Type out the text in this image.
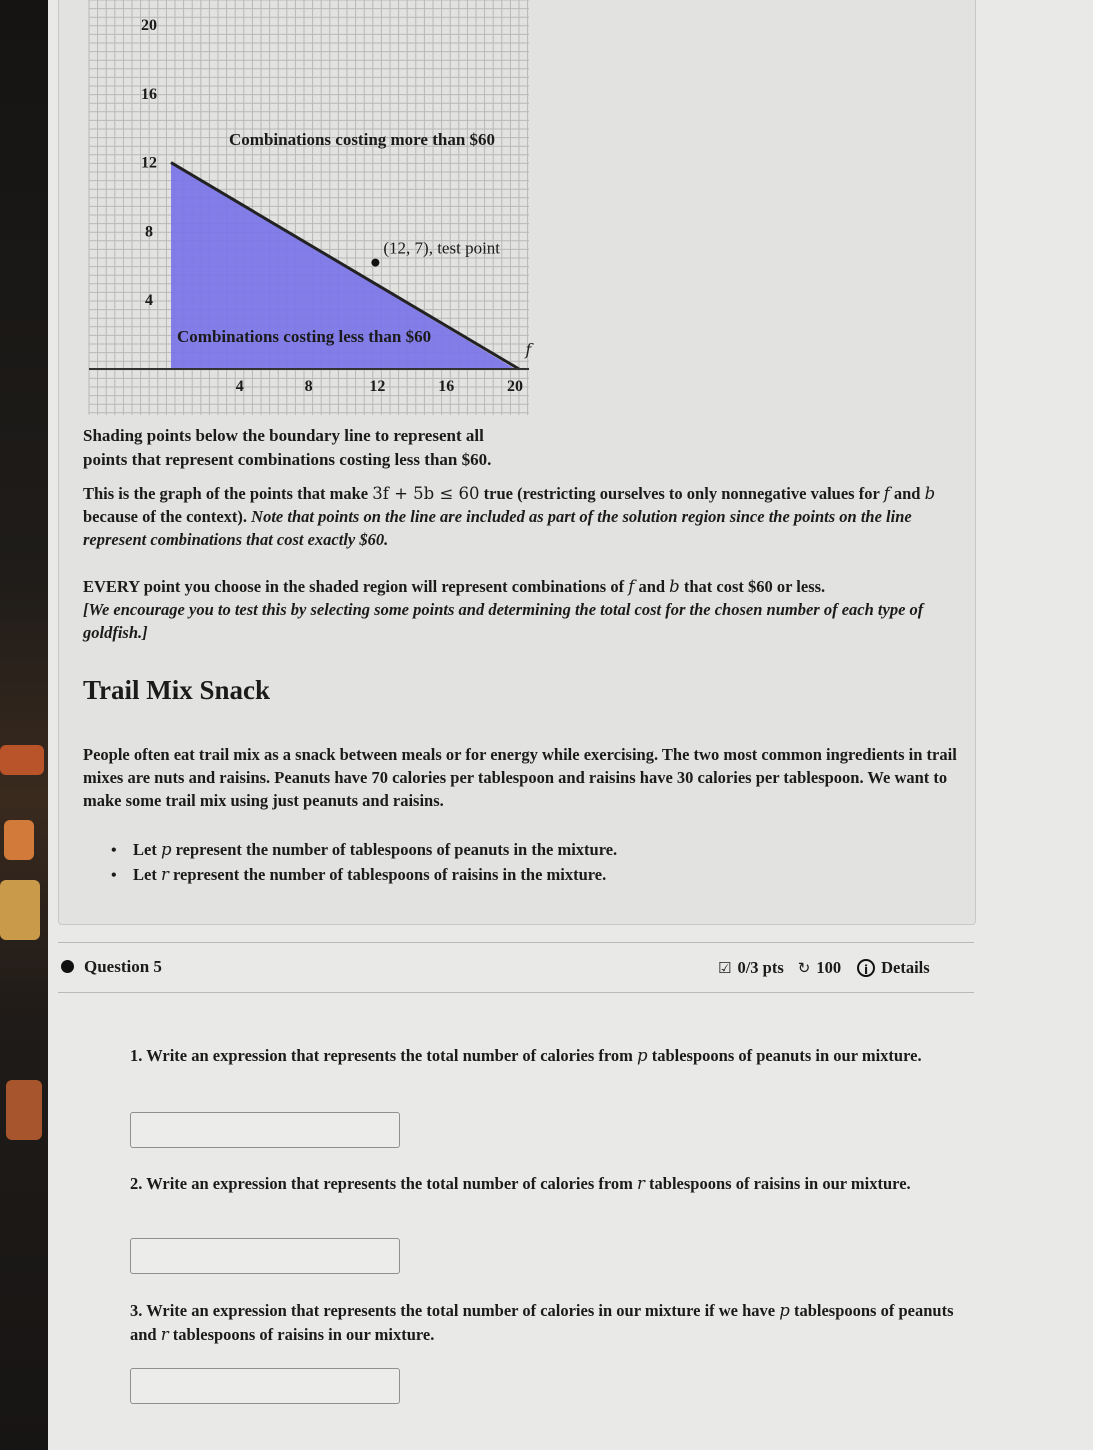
20
16
12
8
4
4	8	12	16	20
f
Combinations costing more than $60
Combinations costing less than $60
(12, 7), test point
Shading points below the boundary line to represent all
points that represent combinations costing less than $60.
This is the graph of the points that make 3f + 5b ≤ 60 true (restricting ourselves to only nonnegative values for f and b because of the context). Note that points on the line are included as part of the solution region since the points on the line represent combinations that cost exactly $60.
EVERY point you choose in the shaded region will represent combinations of f and b that cost $60 or less.
[We encourage you to test this by selecting some points and determining the total cost for the chosen number of each type of goldfish.]
Trail Mix Snack
People often eat trail mix as a snack between meals or for energy while exercising. The two most common ingredients in trail mixes are nuts and raisins. Peanuts have 70 calories per tablespoon and raisins have 30 calories per tablespoon. We want to make some trail mix using just peanuts and raisins.
• Let p represent the number of tablespoons of peanuts in the mixture.
• Let r represent the number of tablespoons of raisins in the mixture.
Question 5	☑ 0/3 pts ↻ 100	i Details
1. Write an expression that represents the total number of calories from p tablespoons of peanuts in our mixture.
2. Write an expression that represents the total number of calories from r tablespoons of raisins in our mixture.
3. Write an expression that represents the total number of calories in our mixture if we have p tablespoons of peanuts and r tablespoons of raisins in our mixture.
